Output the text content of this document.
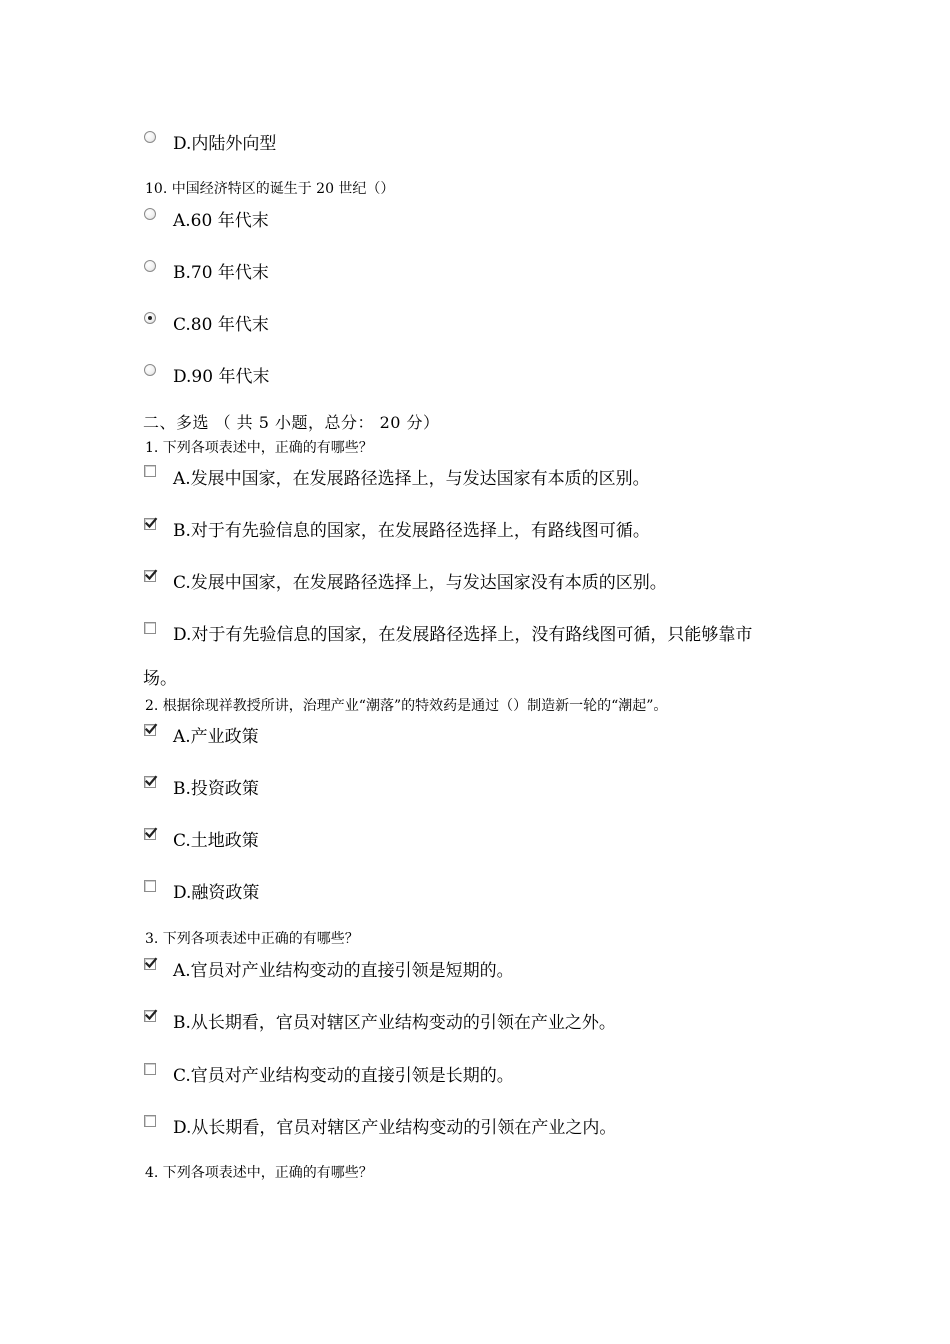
D.内陆外向型
10. 中国经济特区的诞生于 20 世纪（）
A.60 年代末
B.70 年代末
C.80 年代末
D.90 年代末
二、多选 （ 共 5 小题，总分： 20 分）
1. 下列各项表述中，正确的有哪些？
A.发展中国家，在发展路径选择上，与发达国家有本质的区别。
B.对于有先验信息的国家，在发展路径选择上，有路线图可循。
C.发展中国家，在发展路径选择上，与发达国家没有本质的区别。
D.对于有先验信息的国家，在发展路径选择上，没有路线图可循，只能够靠市
场。
2. 根据徐现祥教授所讲，治理产业“潮落”的特效药是通过（）制造新一轮的“潮起”。
A.产业政策
B.投资政策
C.土地政策
D.融资政策
3. 下列各项表述中正确的有哪些？
A.官员对产业结构变动的直接引领是短期的。
B.从长期看，官员对辖区产业结构变动的引领在产业之外。
C.官员对产业结构变动的直接引领是长期的。
D.从长期看，官员对辖区产业结构变动的引领在产业之内。
4. 下列各项表述中，正确的有哪些？
